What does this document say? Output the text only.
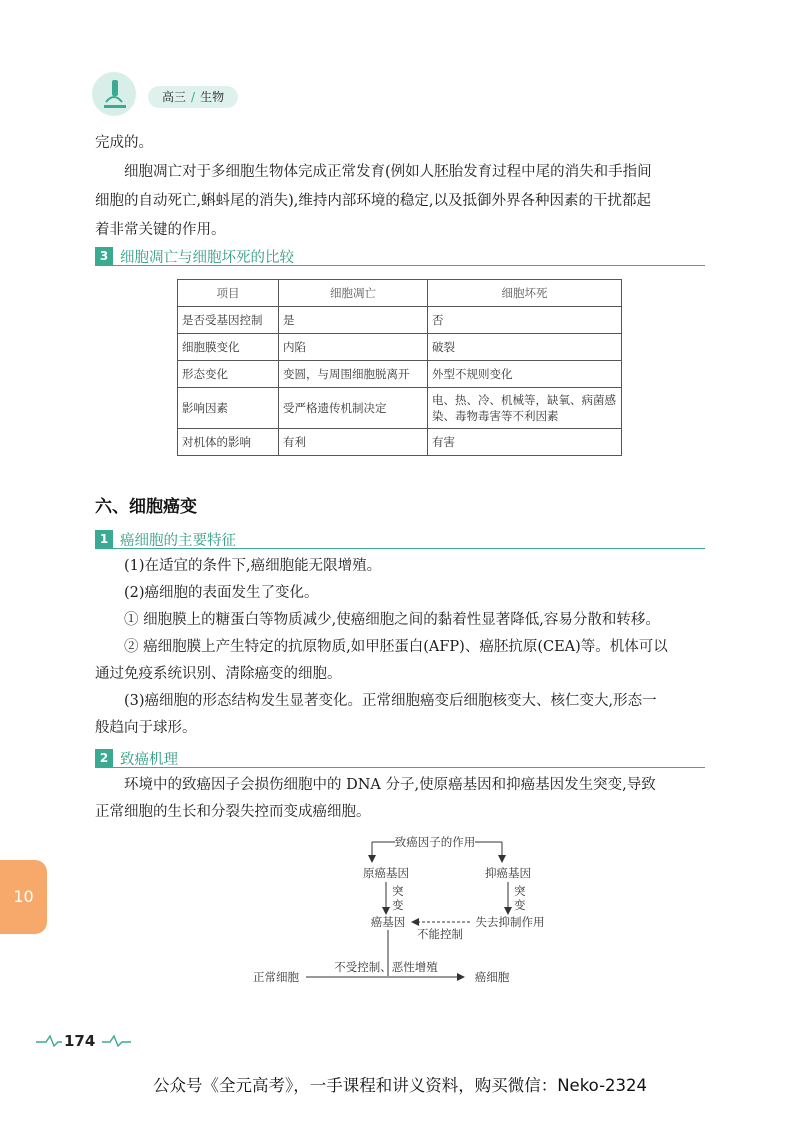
高三 / 生物
完成的。
细胞凋亡对于多细胞生物体完成正常发育(例如人胚胎发育过程中尾的消失和手指间
细胞的自动死亡,蝌蚪尾的消失),维持内部环境的稳定,以及抵御外界各种因素的干扰都起
着非常关键的作用。
3 细胞凋亡与细胞坏死的比较
项目	细胞凋亡	细胞坏死
是否受基因控制	是	否
细胞膜变化	内陷	破裂
形态变化	变圆，与周围细胞脱离开	外型不规则变化
影响因素	受严格遗传机制决定	电、热、冷、机械等，缺氧、病菌感染、毒物毒害等不利因素
对机体的影响	有利	有害
六、细胞癌变
1 癌细胞的主要特征
(1)在适宜的条件下,癌细胞能无限增殖。
(2)癌细胞的表面发生了变化。
① 细胞膜上的糖蛋白等物质减少,使癌细胞之间的黏着性显著降低,容易分散和转移。
② 癌细胞膜上产生特定的抗原物质,如甲胚蛋白(AFP)、癌胚抗原(CEA)等。机体可以
通过免疫系统识别、清除癌变的细胞。
(3)癌细胞的形态结构发生显著变化。正常细胞癌变后细胞核变大、核仁变大,形态一
般趋向于球形。
2 致癌机理
环境中的致癌因子会损伤细胞中的 DNA 分子,使原癌基因和抑癌基因发生突变,导致
正常细胞的生长和分裂失控而变成癌细胞。
致癌因子的作用
原癌基因	抑癌基因
突
变
突
变
癌基因	失去抑制作用
不能控制
正常细胞
不受控制、恶性增殖
癌细胞
10
174
公众号《全元高考》，一手课程和讲义资料，购买微信：Neko-2324
